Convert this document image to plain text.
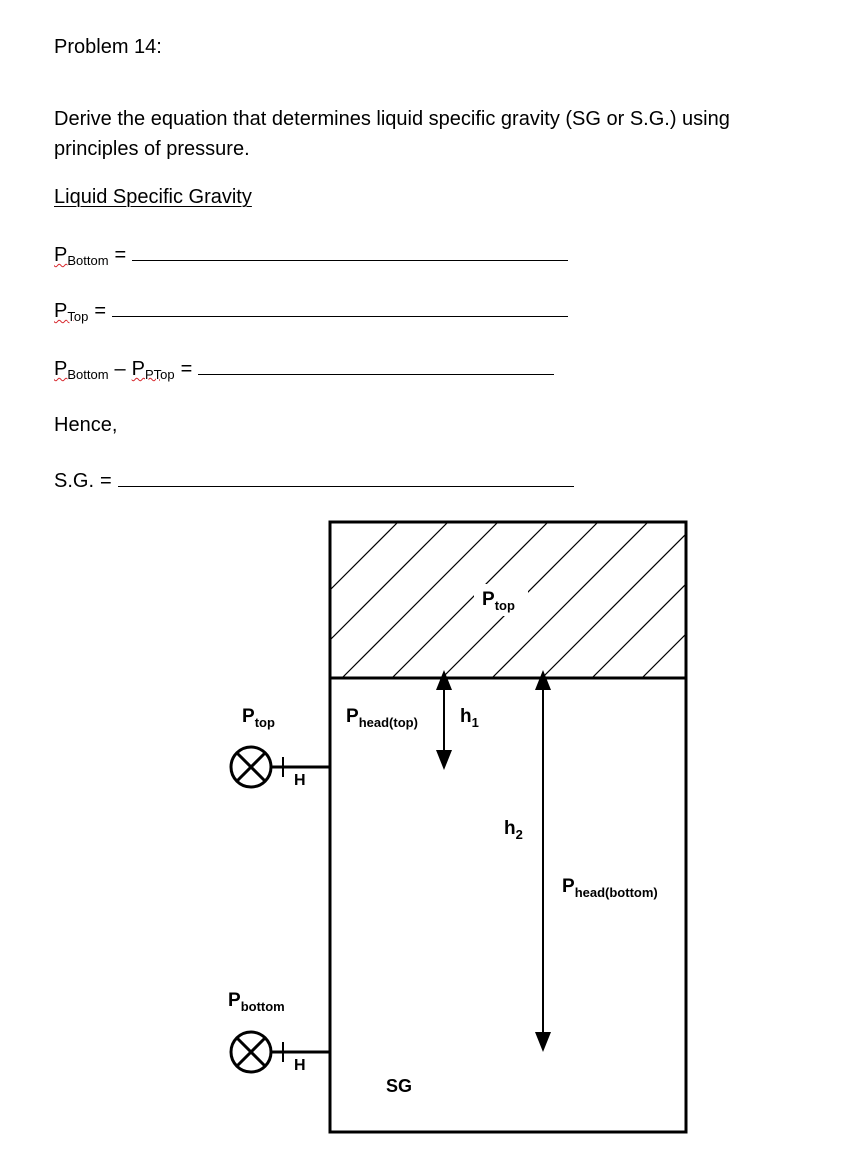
Problem 14:
Derive the equation that determines liquid specific gravity (SG or S.G.) using principles of pressure.
Liquid Specific Gravity
$P_{Bottom}$ =
$P_{Top}$ =
$P_{Bottom} - P_{PTop}$ =
Hence,
S.G. =
$P_{top}$
$P_{top}$
H
$P_{bottom}$
H
$P_{head(top)}$ $h_1$
$h_2$
$P_{head(bottom)}$
SG
